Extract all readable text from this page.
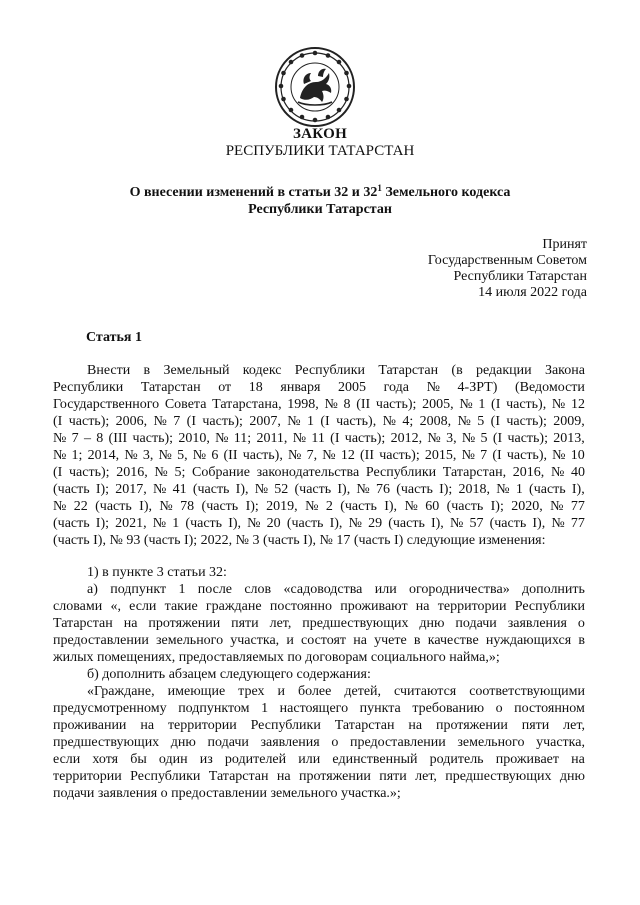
ЗАКОН
РЕСПУБЛИКИ ТАТАРСТАН
О внесении изменений в статьи 32 и $32^1$ Земельного кодекса
Республики Татарстан
Принят
Государственным Советом
Республики Татарстан
14 июля 2022 года
Статья 1
Внести в Земельный кодекс Республики Татарстан (в редакции Закона
Республики Татарстан от 18 января 2005 года № 4-ЗРТ) (Ведомости
Государственного Совета Татарстана, 1998, № 8 (II часть); 2005, № 1 (I часть), № 12
(I часть); 2006, № 7 (I часть); 2007, № 1 (I часть), № 4; 2008, № 5 (I часть); 2009,
№ 7 – 8 (III часть); 2010, № 11; 2011, № 11 (I часть); 2012, № 3, № 5 (I часть); 2013,
№ 1; 2014, № 3, № 5, № 6 (II часть), № 7, № 12 (II часть); 2015, № 7 (I часть), № 10
(I часть); 2016, № 5; Собрание законодательства Республики Татарстан, 2016, № 40
(часть I); 2017, № 41 (часть I), № 52 (часть I), № 76 (часть I); 2018, № 1 (часть I),
№ 22 (часть I), № 78 (часть I); 2019, № 2 (часть I), № 60 (часть I); 2020, № 77
(часть I); 2021, № 1 (часть I), № 20 (часть I), № 29 (часть I), № 57 (часть I), № 77
(часть I), № 93 (часть I); 2022, № 3 (часть I), № 17 (часть I) следующие изменения:
1) в пункте 3 статьи 32:
а) подпункт 1 после слов «садоводства или огородничества» дополнить
словами «, если такие граждане постоянно проживают на территории Республики
Татарстан на протяжении пяти лет, предшествующих дню подачи заявления о
предоставлении земельного участка, и состоят на учете в качестве нуждающихся в
жилых помещениях, предоставляемых по договорам социального найма,»;
б) дополнить абзацем следующего содержания:
«Граждане, имеющие трех и более детей, считаются соответствующими
предусмотренному подпунктом 1 настоящего пункта требованию о постоянном
проживании на территории Республики Татарстан на протяжении пяти лет,
предшествующих дню подачи заявления о предоставлении земельного участка,
если хотя бы один из родителей или единственный родитель проживает на
территории Республики Татарстан на протяжении пяти лет, предшествующих дню
подачи заявления о предоставлении земельного участка.»;
